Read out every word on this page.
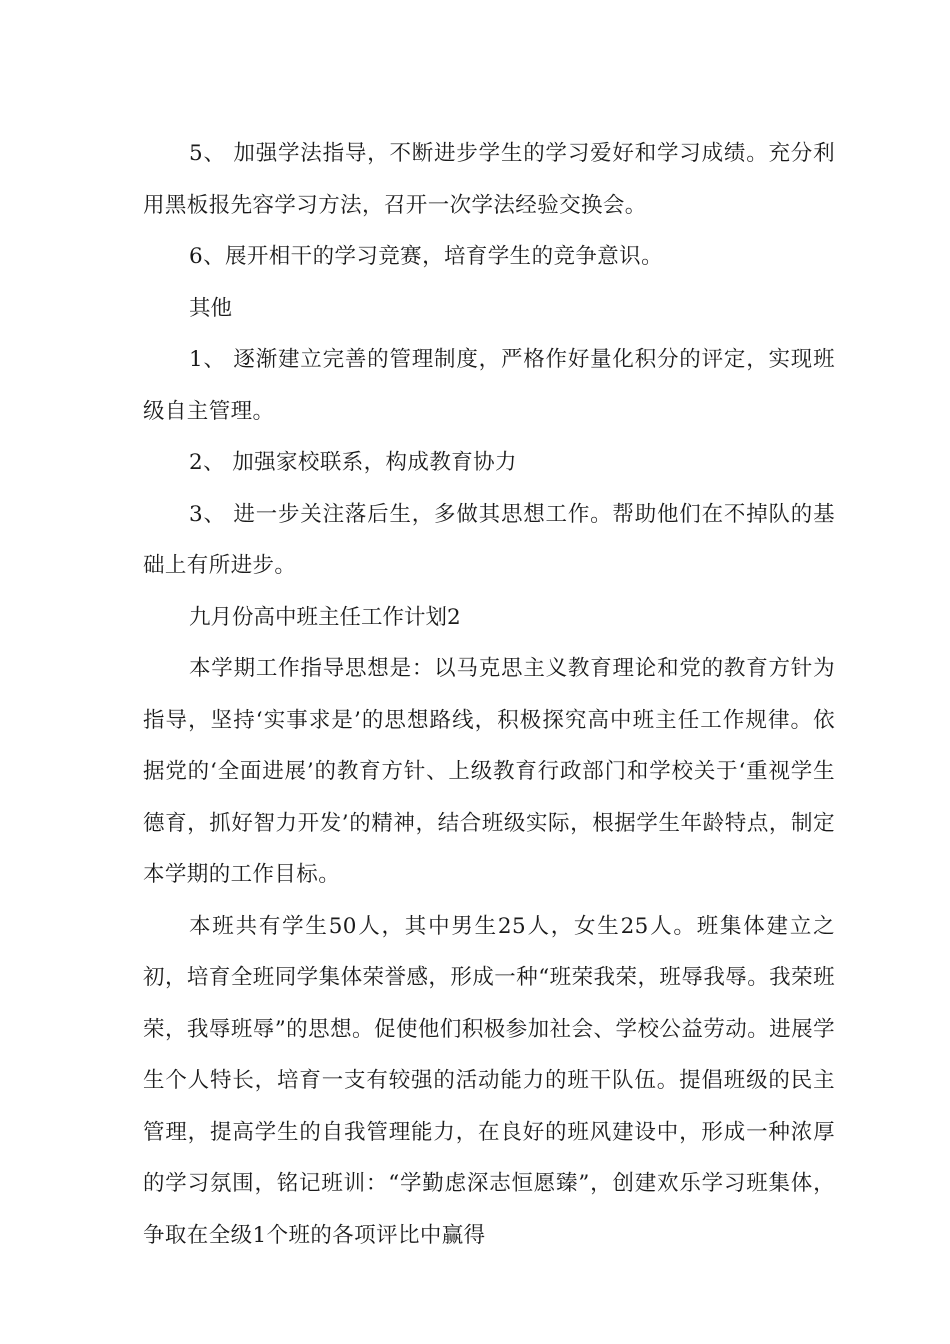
5、 加强学法指导，不断进步学生的学习爱好和学习成绩。充分利用黑板报先容学习方法，召开一次学法经验交换会。

6、展开相干的学习竞赛，培育学生的竞争意识。

其他

1、 逐渐建立完善的管理制度，严格作好量化积分的评定，实现班级自主管理。

2、 加强家校联系，构成教育协力

3、 进一步关注落后生，多做其思想工作。帮助他们在不掉队的基础上有所进步。

九月份高中班主任工作计划2

本学期工作指导思想是：以马克思主义教育理论和党的教育方针为指导，坚持‘实事求是’的思想路线，积极探究高中班主任工作规律。依据党的‘全面进展’的教育方针、上级教育行政部门和学校关于‘重视学生德育，抓好智力开发’的精神，结合班级实际，根据学生年龄特点，制定本学期的工作目标。

本班共有学生50人，其中男生25人，女生25人。班集体建立之初，培育全班同学集体荣誉感，形成一种“班荣我荣，班辱我辱。我荣班荣，我辱班辱”的思想。促使他们积极参加社会、学校公益劳动。进展学生个人特长，培育一支有较强的活动能力的班干队伍。提倡班级的民主管理，提高学生的自我管理能力，在良好的班风建设中，形成一种浓厚的学习氛围，铭记班训：“学勤虑深志恒愿臻”，创建欢乐学习班集体，争取在全级1个班的各项评比中赢得
